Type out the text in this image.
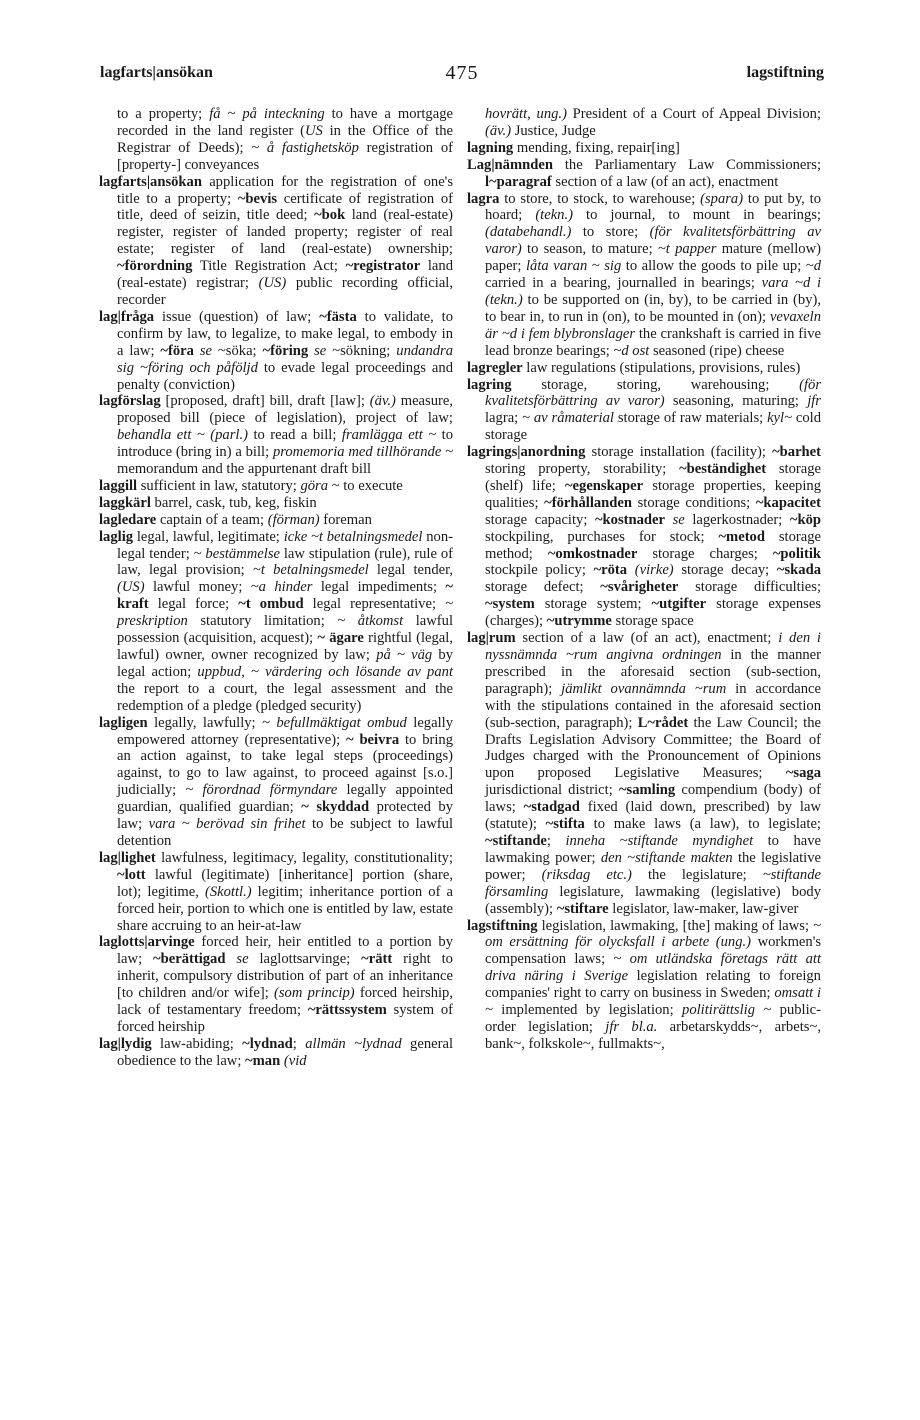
lagfarts|ansökan	475	lagstiftning

to a property; få ~ på inteckning to have a mortgage recorded in the land register (US in the Office of the Registrar of Deeds); ~ å fastighetsköp registration of [property-] conveyances

lagfarts|ansökan application for the registration of one's title to a property; ~bevis certificate of registration of title, deed of seizin, title deed; ~bok land (real-estate) register, register of landed property; register of real estate; register of land (real-estate) ownership; ~förordning Title Registration Act; ~registrator land (real-estate) registrar; (US) public recording official, recorder

lag|fråga issue (question) of law; ~fästa to validate, to confirm by law, to legalize, to make legal, to embody in a law; ~föra se ~söka; ~föring se ~sökning; undandra sig ~föring och påföljd to evade legal proceedings and penalty (conviction)

lagförslag [proposed, draft] bill, draft [law]; (äv.) measure, proposed bill (piece of legislation), project of law; behandla ett ~ (parl.) to read a bill; framlägga ett ~ to introduce (bring in) a bill; promemoria med tillhörande ~ memorandum and the appurtenant draft bill

laggill sufficient in law, statutory; göra ~ to execute

laggkärl barrel, cask, tub, keg, fiskin

lagledare captain of a team; (förman) foreman

laglig legal, lawful, legitimate; icke ~t betalningsmedel non-legal tender; ~ bestämmelse law stipulation (rule), rule of law, legal provision; ~t betalningsmedel legal tender, (US) lawful money; ~a hinder legal impediments; ~ kraft legal force; ~t ombud legal representative; ~ preskription statutory limitation; ~ åtkomst lawful possession (acquisition, acquest); ~ ägare rightful (legal, lawful) owner, owner recognized by law; på ~ väg by legal action; uppbud, ~ värdering och lösande av pant the report to a court, the legal assessment and the redemption of a pledge (pledged security)

lagligen legally, lawfully; ~ befullmäktigat ombud legally empowered attorney (representative); ~ beivra to bring an action against, to take legal steps (proceedings) against, to go to law against, to proceed against [s.o.] judicially; ~ förordnad förmyndare legally appointed guardian, qualified guardian; ~ skyddad protected by law; vara ~ berövad sin frihet to be subject to lawful detention

lag|lighet lawfulness, legitimacy, legality, constitutionality; ~lott lawful (legitimate) [inheritance] portion (share, lot); legitime, (Skottl.) legitim; inheritance portion of a forced heir, portion to which one is entitled by law, estate share accruing to an heir-at-law

laglotts|arvinge forced heir, heir entitled to a portion by law; ~berättigad se laglottsarvinge; ~rätt right to inherit, compulsory distribution of part of an inheritance [to children and/or wife]; (som princip) forced heirship, lack of testamentary freedom; ~rättssystem system of forced heirship

lag|lydig law-abiding; ~lydnad; allmän ~lydnad general obedience to the law; ~man (vid

hovrätt, ung.) President of a Court of Appeal Division; (äv.) Justice, Judge

lagning mending, fixing, repair[ing]

Lag|nämnden the Parliamentary Law Commissioners; l~paragraf section of a law (of an act), enactment

lagra to store, to stock, to warehouse; (spara) to put by, to hoard; (tekn.) to journal, to mount in bearings; (databehandl.) to store; (för kvalitetsförbättring av varor) to season, to mature; ~t papper mature (mellow) paper; låta varan ~ sig to allow the goods to pile up; ~d carried in a bearing, journalled in bearings; vara ~d i (tekn.) to be supported on (in, by), to be carried in (by), to bear in, to run in (on), to be mounted in (on); vevaxeln är ~d i fem blybronslager the crankshaft is carried in five lead bronze bearings; ~d ost seasoned (ripe) cheese

lagregler law regulations (stipulations, provisions, rules)

lagring storage, storing, warehousing; (för kvalitetsförbättring av varor) seasoning, maturing; jfr lagra; ~ av råmaterial storage of raw materials; kyl~ cold storage

lagrings|anordning storage installation (facility); ~barhet storing property, storability; ~beständighet storage (shelf) life; ~egenskaper storage properties, keeping qualities; ~förhållanden storage conditions; ~kapacitet storage capacity; ~kostnader se lagerkostnader; ~köp stockpiling, purchases for stock; ~metod storage method; ~omkostnader storage charges; ~politik stockpile policy; ~röta (virke) storage decay; ~skada storage defect; ~svårigheter storage difficulties; ~system storage system; ~utgifter storage expenses (charges); ~utrymme storage space

lag|rum section of a law (of an act), enactment; i den i nyssnämnda ~rum angivna ordningen in the manner prescribed in the aforesaid section (sub-section, paragraph); jämlikt ovannämnda ~rum in accordance with the stipulations contained in the aforesaid section (sub-section, paragraph); L~rådet the Law Council; the Drafts Legislation Advisory Committee; the Board of Judges charged with the Pronouncement of Opinions upon proposed Legislative Measures; ~saga jurisdictional district; ~samling compendium (body) of laws; ~stadgad fixed (laid down, prescribed) by law (statute); ~stifta to make laws (a law), to legislate; ~stiftande; inneha ~stiftande myndighet to have lawmaking power; den ~stiftande makten the legislative power; (riksdag etc.) the legislature; ~stiftande församling legislature, lawmaking (legislative) body (assembly); ~stiftare legislator, law-maker, law-giver

lagstiftning legislation, lawmaking, [the] making of laws; ~ om ersättning för olycksfall i arbete (ung.) workmen's compensation laws; ~ om utländska företags rätt att driva näring i Sverige legislation relating to foreign companies' right to carry on business in Sweden; omsatt i ~ implemented by legislation; politirättslig ~ public-order legislation; jfr bl.a. arbetarskydds~, arbets~, bank~, folkskole~, fullmakts~,
